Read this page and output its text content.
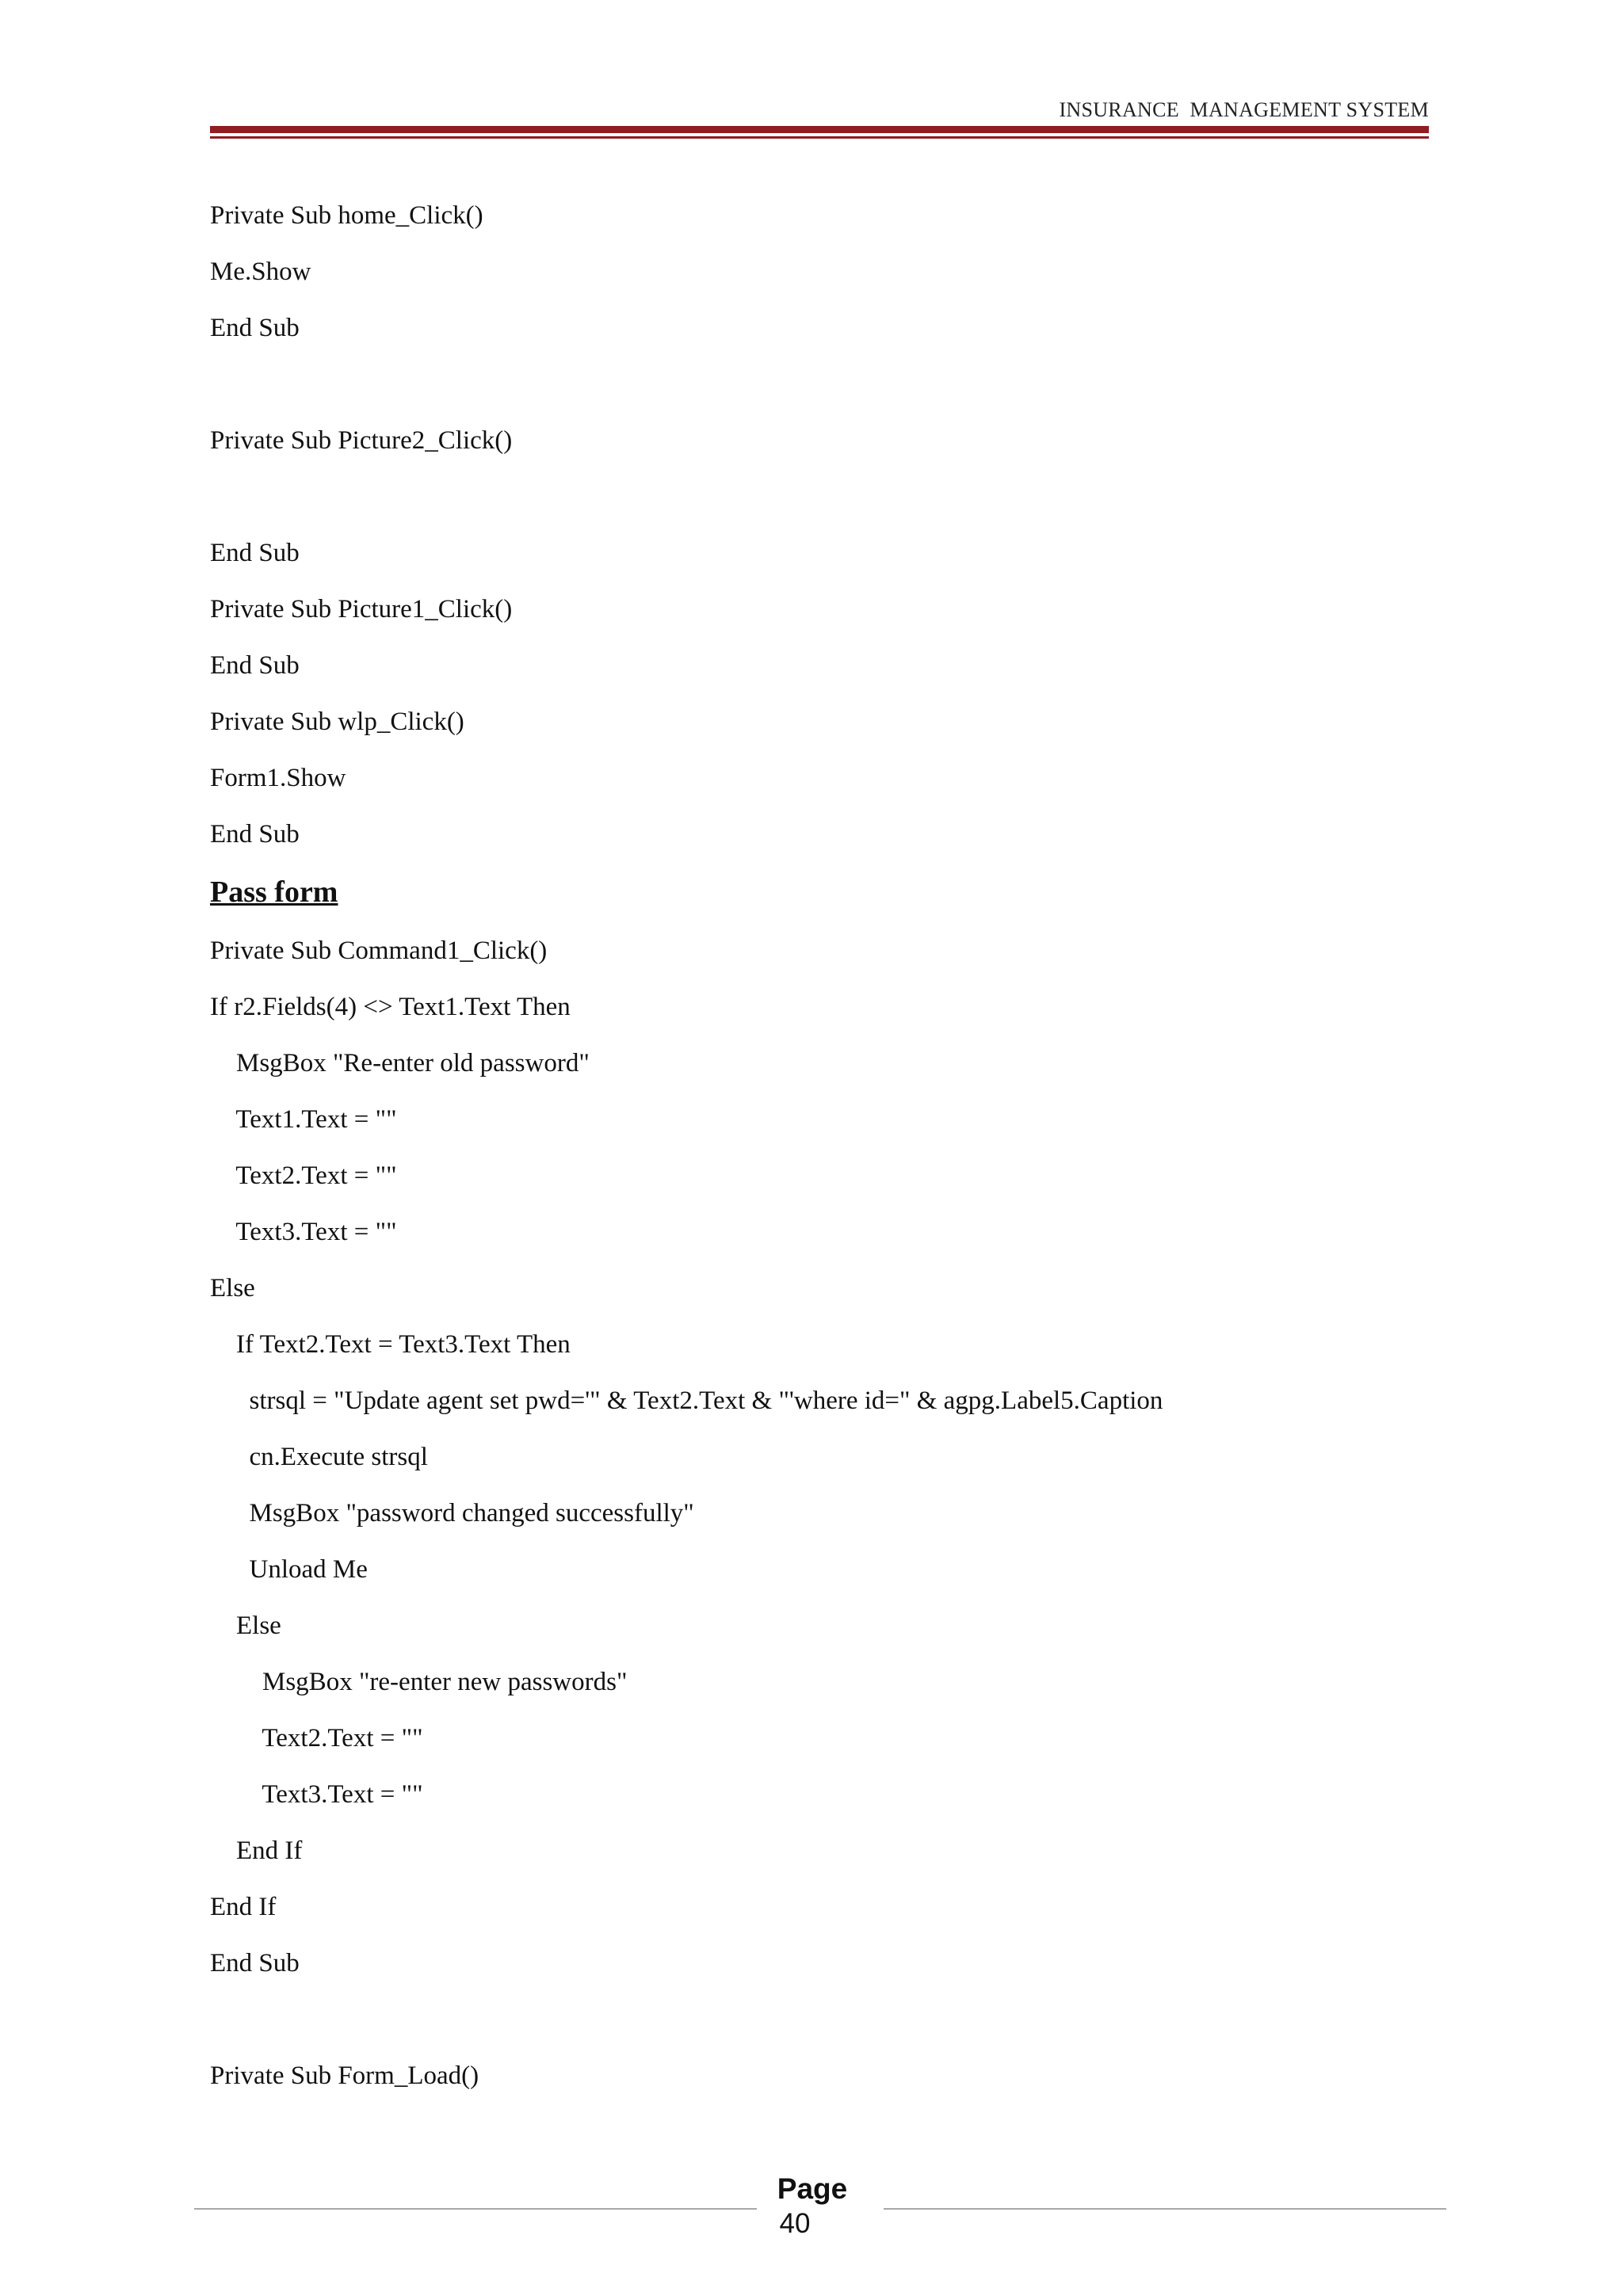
INSURANCE  MANAGEMENT SYSTEM
Private Sub home_Click()
Me.Show
End Sub
Private Sub Picture2_Click()
End Sub
Private Sub Picture1_Click()
End Sub
Private Sub wlp_Click()
Form1.Show
End Sub
Pass form
Private Sub Command1_Click()
If r2.Fields(4) <> Text1.Text Then
MsgBox "Re-enter old password"
Text1.Text = ""
Text2.Text = ""
Text3.Text = ""
Else
If Text2.Text = Text3.Text Then
strsql = "Update agent set pwd='" & Text2.Text & "'where id=" & agpg.Label5.Caption
cn.Execute strsql
MsgBox "password changed successfully"
Unload Me
Else
MsgBox "re-enter new passwords"
Text2.Text = ""
Text3.Text = ""
End If
End If
End Sub
Private Sub Form_Load()
Page
40
